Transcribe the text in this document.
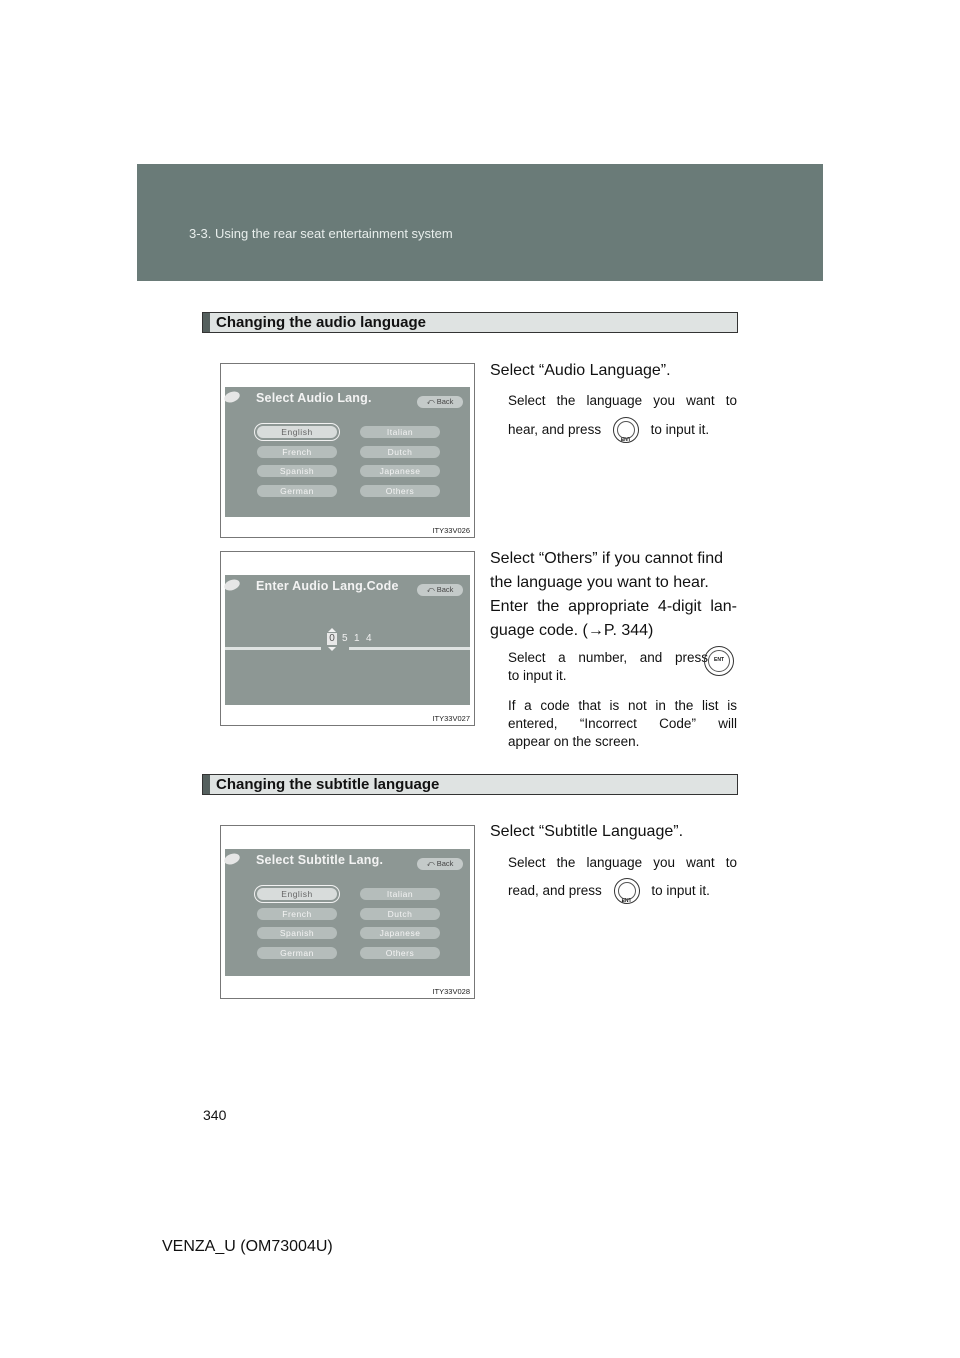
3-3. Using the rear seat entertainment system
Changing the audio language
Select Audio Lang.	⤺ Back
English	Italian
French	Dutch
Spanish	Japanese
German	Others
ITY33V026
Select “Audio Language”.
Select the language you want to
hear, and press
ENT
to input it.
Enter Audio Lang.Code	⤺ Back
0 5 1 4
ITY33V027
Select “Others” if you cannot find
the language you want to hear.
Enter the appropriate 4-digit lan-
guage code. (→P. 344)
Select a number, and press	ENT
to input it.
If a code that is not in the list is
entered, “Incorrect Code” will
appear on the screen.
Changing the subtitle language
Select Subtitle Lang.	⤺ Back
English	Italian
French	Dutch
Spanish	Japanese
German	Others
ITY33V028
Select “Subtitle Language”.
Select the language you want to
read, and press
ENT
to input it.
340
VENZA_U (OM73004U)
